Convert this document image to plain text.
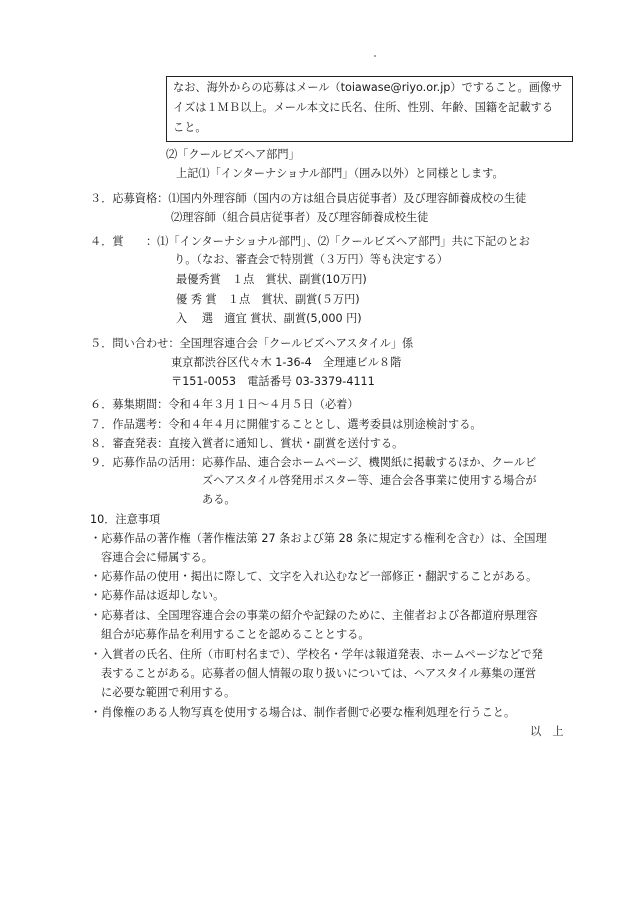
なお、海外からの応募はメール（toiawase@riyo.or.jp）ですること。画像サ
イズは１ＭＢ以上。メール本文に氏名、住所、性別、年齢、国籍を記載する
こと。
⑵「クールビズヘア部門」
上記⑴「インターナショナル部門」（囲み以外）と同様とします。
３．応募資格：⑴国内外理容師（国内の方は組合員店従事者）及び理容師養成校の生徒
⑵理容師（組合員店従事者）及び理容師養成校生徒
４．賞　　：⑴「インターナショナル部門」、⑵「クールビズヘア部門」共に下記のとお
り。（なお、審査会で特別賞（３万円）等も決定する）
最優秀賞　１点　賞状、副賞(10万円)
優 秀 賞　１点　賞状、副賞(５万円)
入　 選　適宜 賞状、副賞(5,000 円)
５．問い合わせ：全国理容連合会「クールビズヘアスタイル」係
東京都渋谷区代々木 1-36-4　全理連ビル８階
〒151-0053　電話番号 03-3379-4111
６．募集期間：令和４年３月１日～４月５日（必着）
７．作品選考：令和４年４月に開催することとし、選考委員は別途検討する。
８．審査発表：直接入賞者に通知し、賞状・副賞を送付する。
９．応募作品の活用：応募作品、連合会ホームページ、機関紙に掲載するほか、クールビ
ズヘアスタイル啓発用ポスター等、連合会各事業に使用する場合が
ある。
10．注意事項
・応募作品の著作権（著作権法第 27 条および第 28 条に規定する権利を含む）は、全国理
容連合会に帰属する。
・応募作品の使用・掲出に際して、文字を入れ込むなど一部修正・翻訳することがある。
・応募作品は返却しない。
・応募者は、全国理容連合会の事業の紹介や記録のために、主催者および各都道府県理容
組合が応募作品を利用することを認めることとする。
・入賞者の氏名、住所（市町村名まで）、学校名・学年は報道発表、ホームページなどで発
表することがある。応募者の個人情報の取り扱いについては、ヘアスタイル募集の運営
に必要な範囲で利用する。
・肖像権のある人物写真を使用する場合は、制作者側で必要な権利処理を行うこと。
以　上
